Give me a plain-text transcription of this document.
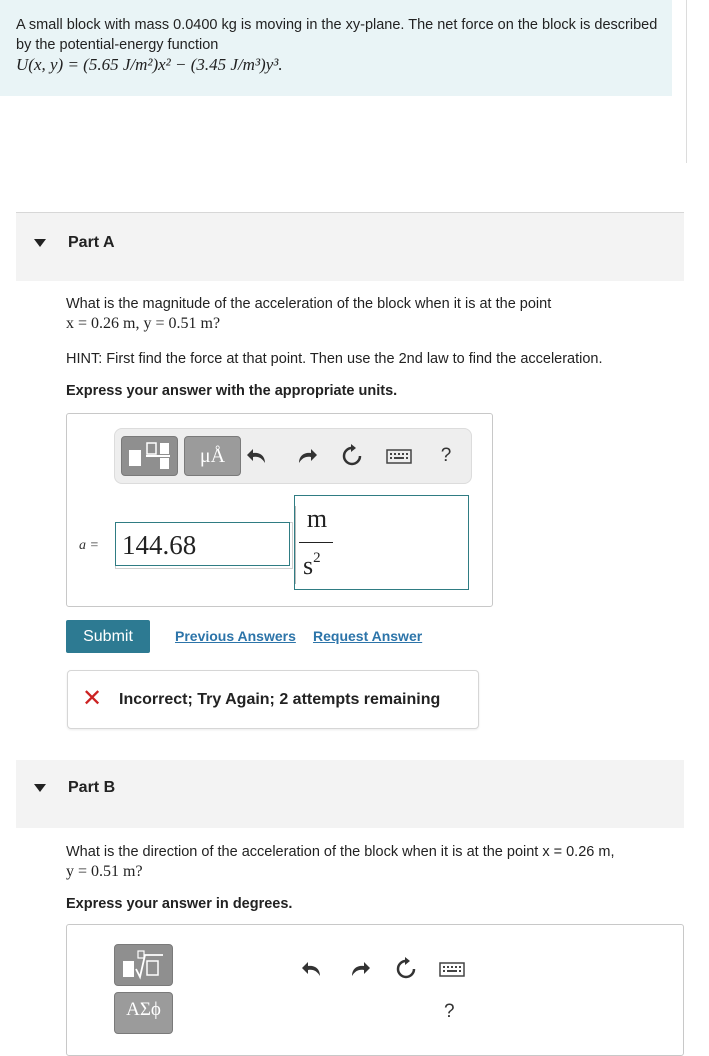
A small block with mass 0.0400 kg is moving in the xy-plane. The net force on the block is described by the potential-energy function
U(x, y) = (5.65 J/m²)x² − (3.45 J/m³)y³.
Part A
What is the magnitude of the acceleration of the block when it is at the point
x = 0.26 m, y = 0.51 m?
HINT: First find the force at that point. Then use the 2nd law to find the acceleration.
Express your answer with the appropriate units.
μÅ	?
a = 144.68
m
$s^2$
Submit	Previous Answers Request Answer
✕ Incorrect; Try Again; 2 attempts remaining
Part B
What is the direction of the acceleration of the block when it is at the point x = 0.26 m,
y = 0.51 m?
Express your answer in degrees.
ΑΣϕ	?
